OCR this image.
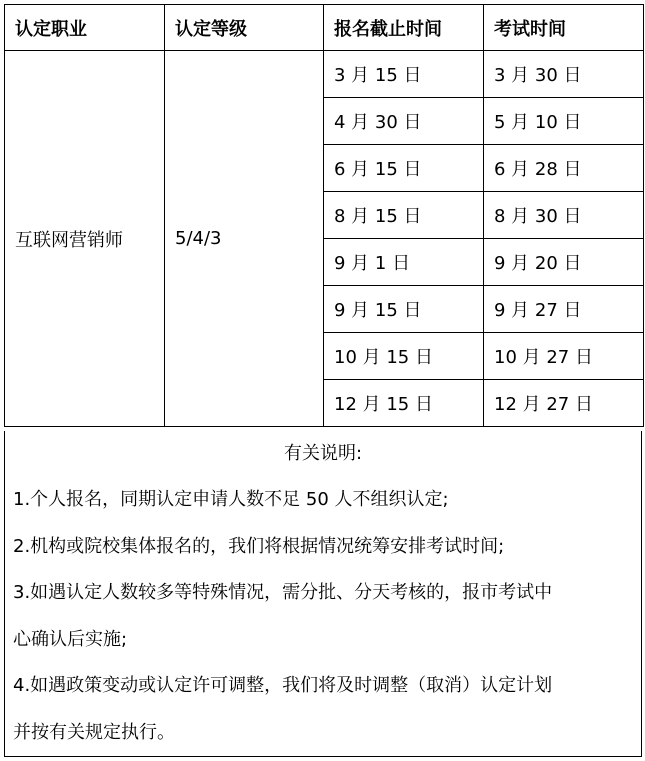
认定职业	认定等级	报名截止时间	考试时间
互联网营销师	5/4/3	3 月 15 日	3 月 30 日
		4 月 30 日	5 月 10 日
		6 月 15 日	6 月 28 日
		8 月 15 日	8 月 30 日
		9 月 1 日	9 月 20 日
		9 月 15 日	9 月 27 日
		10 月 15 日	10 月 27 日
		12 月 15 日	12 月 27 日
有关说明:
1.个人报名，同期认定申请人数不足 50 人不组织认定;
2.机构或院校集体报名的，我们将根据情况统筹安排考试时间;
3.如遇认定人数较多等特殊情况，需分批、分天考核的，报市考试中
心确认后实施;
4.如遇政策变动或认定许可调整，我们将及时调整（取消）认定计划
并按有关规定执行。
